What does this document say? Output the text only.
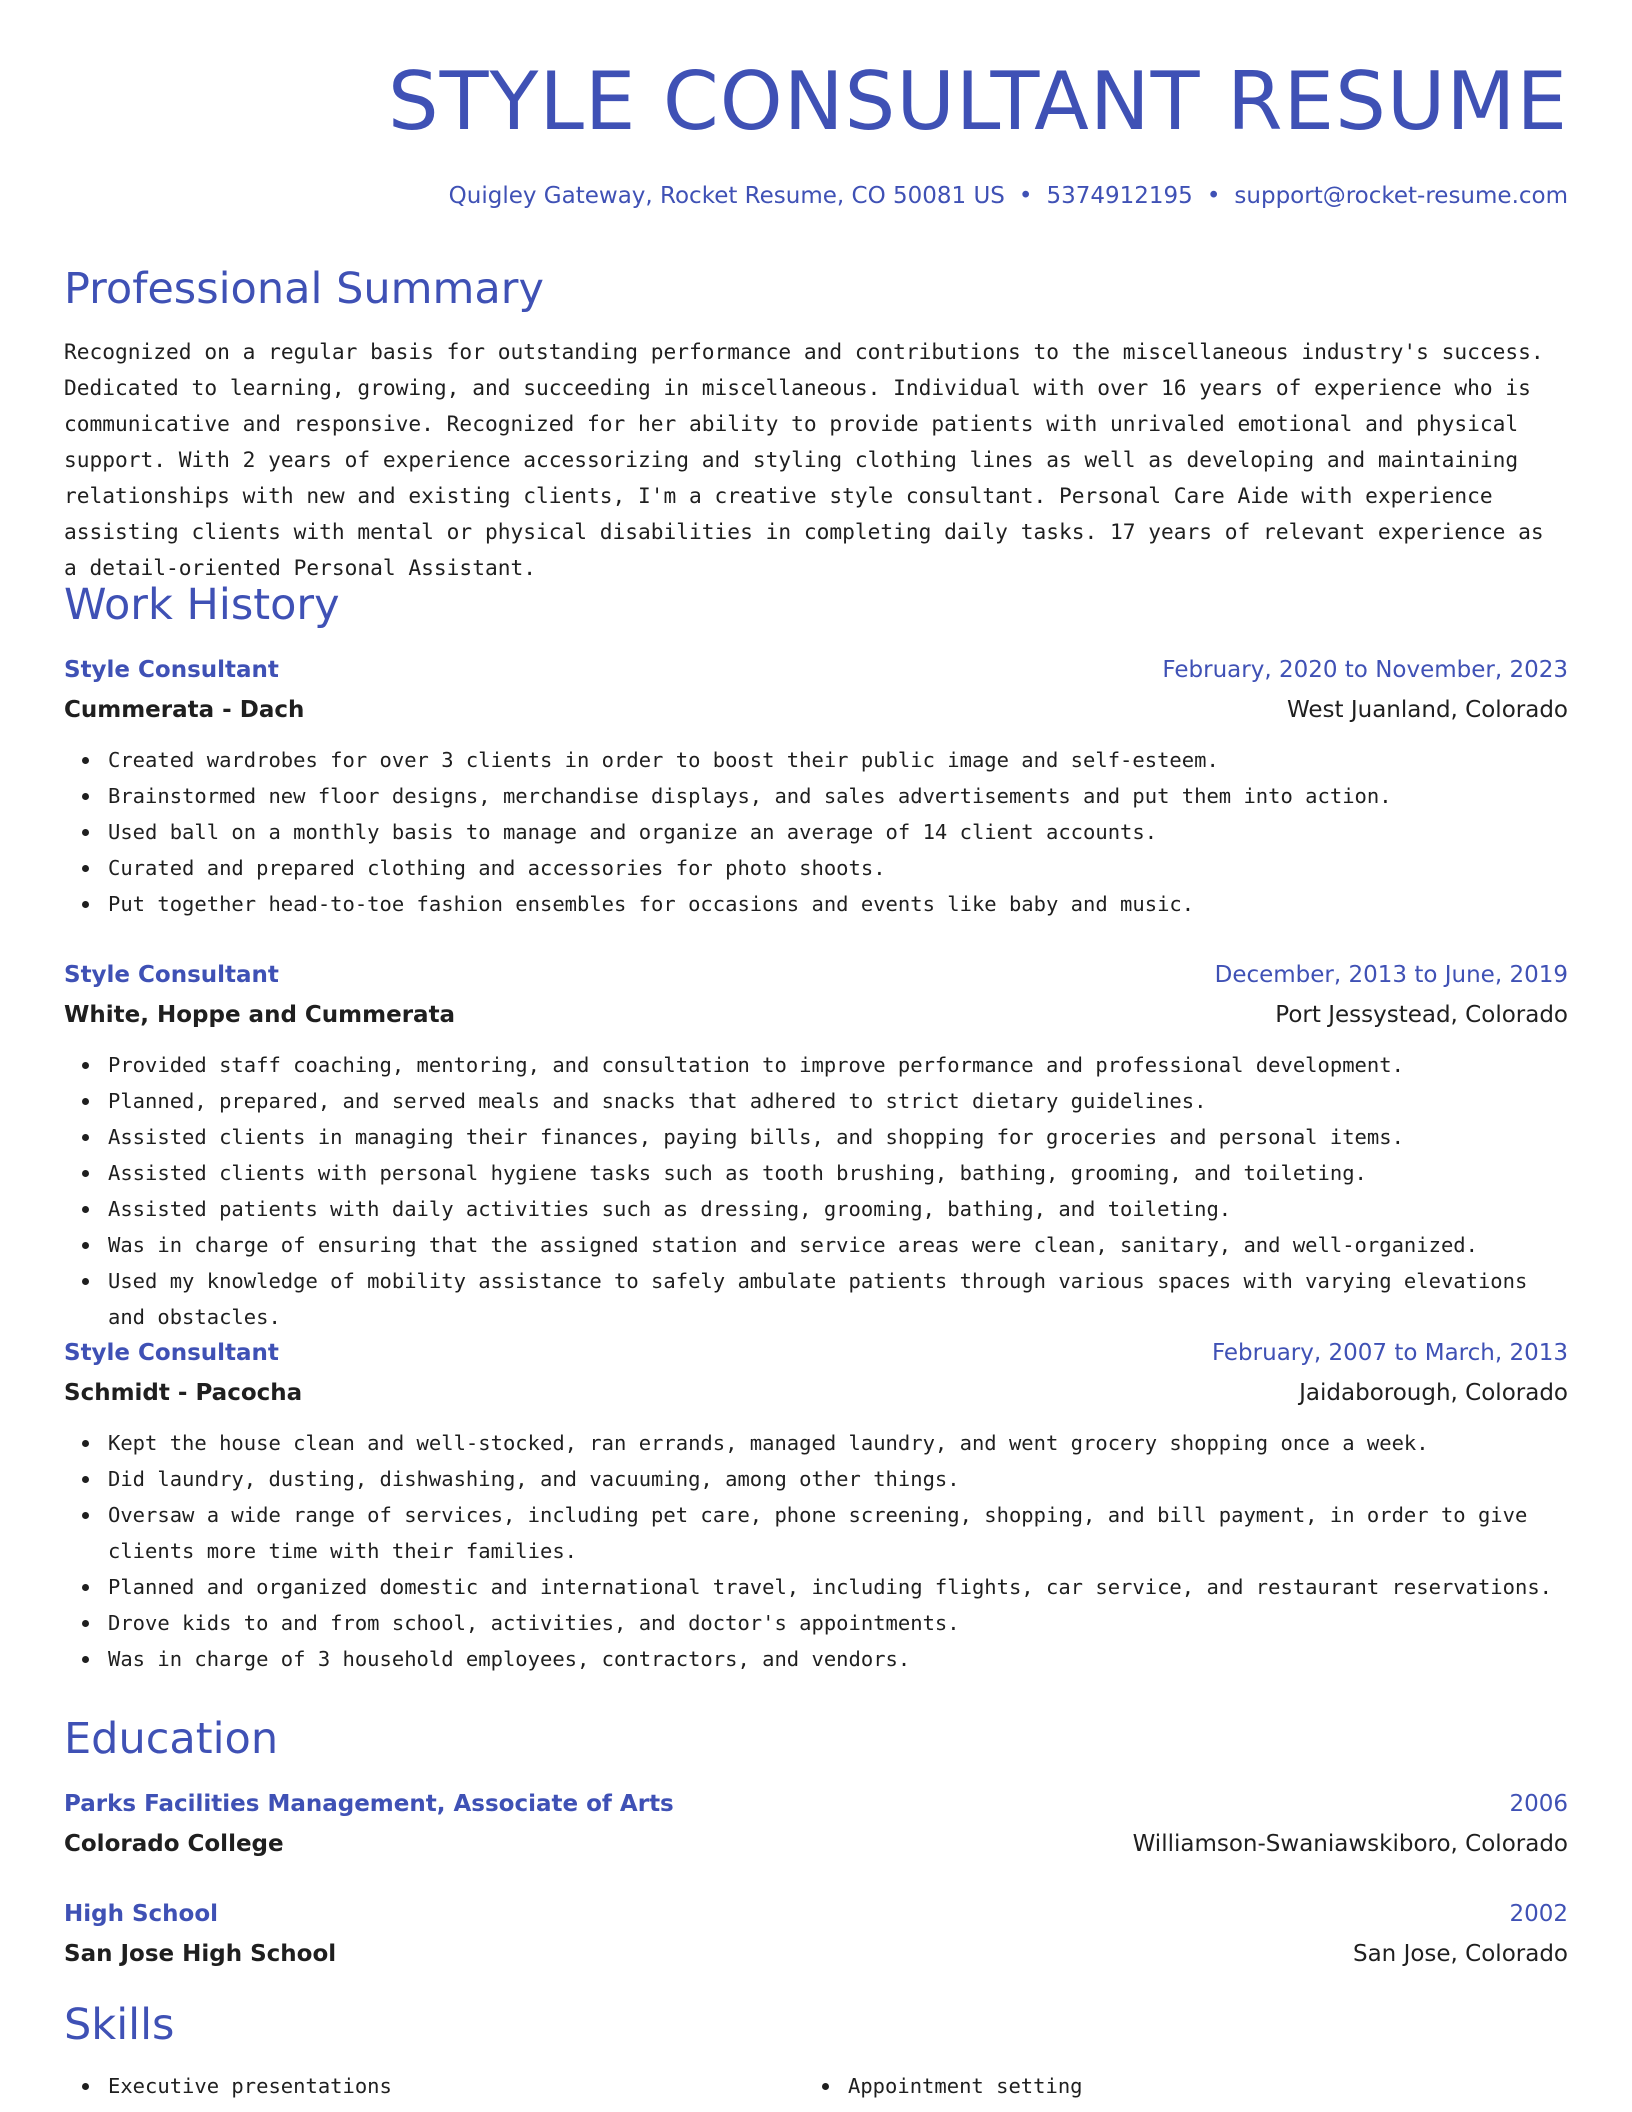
STYLE CONSULTANT RESUME
Quigley Gateway, Rocket Resume, CO 50081 US • 5374912195 • support@rocket-resume.com
Professional Summary

Recognized on a regular basis for outstanding performance and contributions to the miscellaneous industry's success. Dedicated to learning, growing, and succeeding in miscellaneous. Individual with over 16 years of experience who is communicative and responsive. Recognized for her ability to provide patients with unrivaled emotional and physical support. With 2 years of experience accessorizing and styling clothing lines as well as developing and maintaining relationships with new and existing clients, I'm a creative style consultant. Personal Care Aide with experience assisting clients with mental or physical disabilities in completing daily tasks. 17 years of relevant experience as a detail-oriented Personal Assistant.

Work History
Style Consultant	February, 2020 to November, 2023
Cummerata - Dach	West Juanland, Colorado
Created wardrobes for over 3 clients in order to boost their public image and self-esteem.
Brainstormed new floor designs, merchandise displays, and sales advertisements and put them into action.
Used ball on a monthly basis to manage and organize an average of 14 client accounts.
Curated and prepared clothing and accessories for photo shoots.
Put together head-to-toe fashion ensembles for occasions and events like baby and music.
Style Consultant	December, 2013 to June, 2019
White, Hoppe and Cummerata	Port Jessystead, Colorado
Provided staff coaching, mentoring, and consultation to improve performance and professional development.
Planned, prepared, and served meals and snacks that adhered to strict dietary guidelines.
Assisted clients in managing their finances, paying bills, and shopping for groceries and personal items.
Assisted clients with personal hygiene tasks such as tooth brushing, bathing, grooming, and toileting.
Assisted patients with daily activities such as dressing, grooming, bathing, and toileting.
Was in charge of ensuring that the assigned station and service areas were clean, sanitary, and well-organized.
Used my knowledge of mobility assistance to safely ambulate patients through various spaces with varying elevations and obstacles.
Style Consultant	February, 2007 to March, 2013
Schmidt - Pacocha	Jaidaborough, Colorado
Kept the house clean and well-stocked, ran errands, managed laundry, and went grocery shopping once a week.
Did laundry, dusting, dishwashing, and vacuuming, among other things.
Oversaw a wide range of services, including pet care, phone screening, shopping, and bill payment, in order to give clients more time with their families.
Planned and organized domestic and international travel, including flights, car service, and restaurant reservations.
Drove kids to and from school, activities, and doctor's appointments.
Was in charge of 3 household employees, contractors, and vendors.
Education
Parks Facilities Management, Associate of Arts	2006
Colorado College	Williamson-Swaniawskiboro, Colorado
High School	2002
San Jose High School	San Jose, Colorado
Skills
Executive presentations	Appointment setting
